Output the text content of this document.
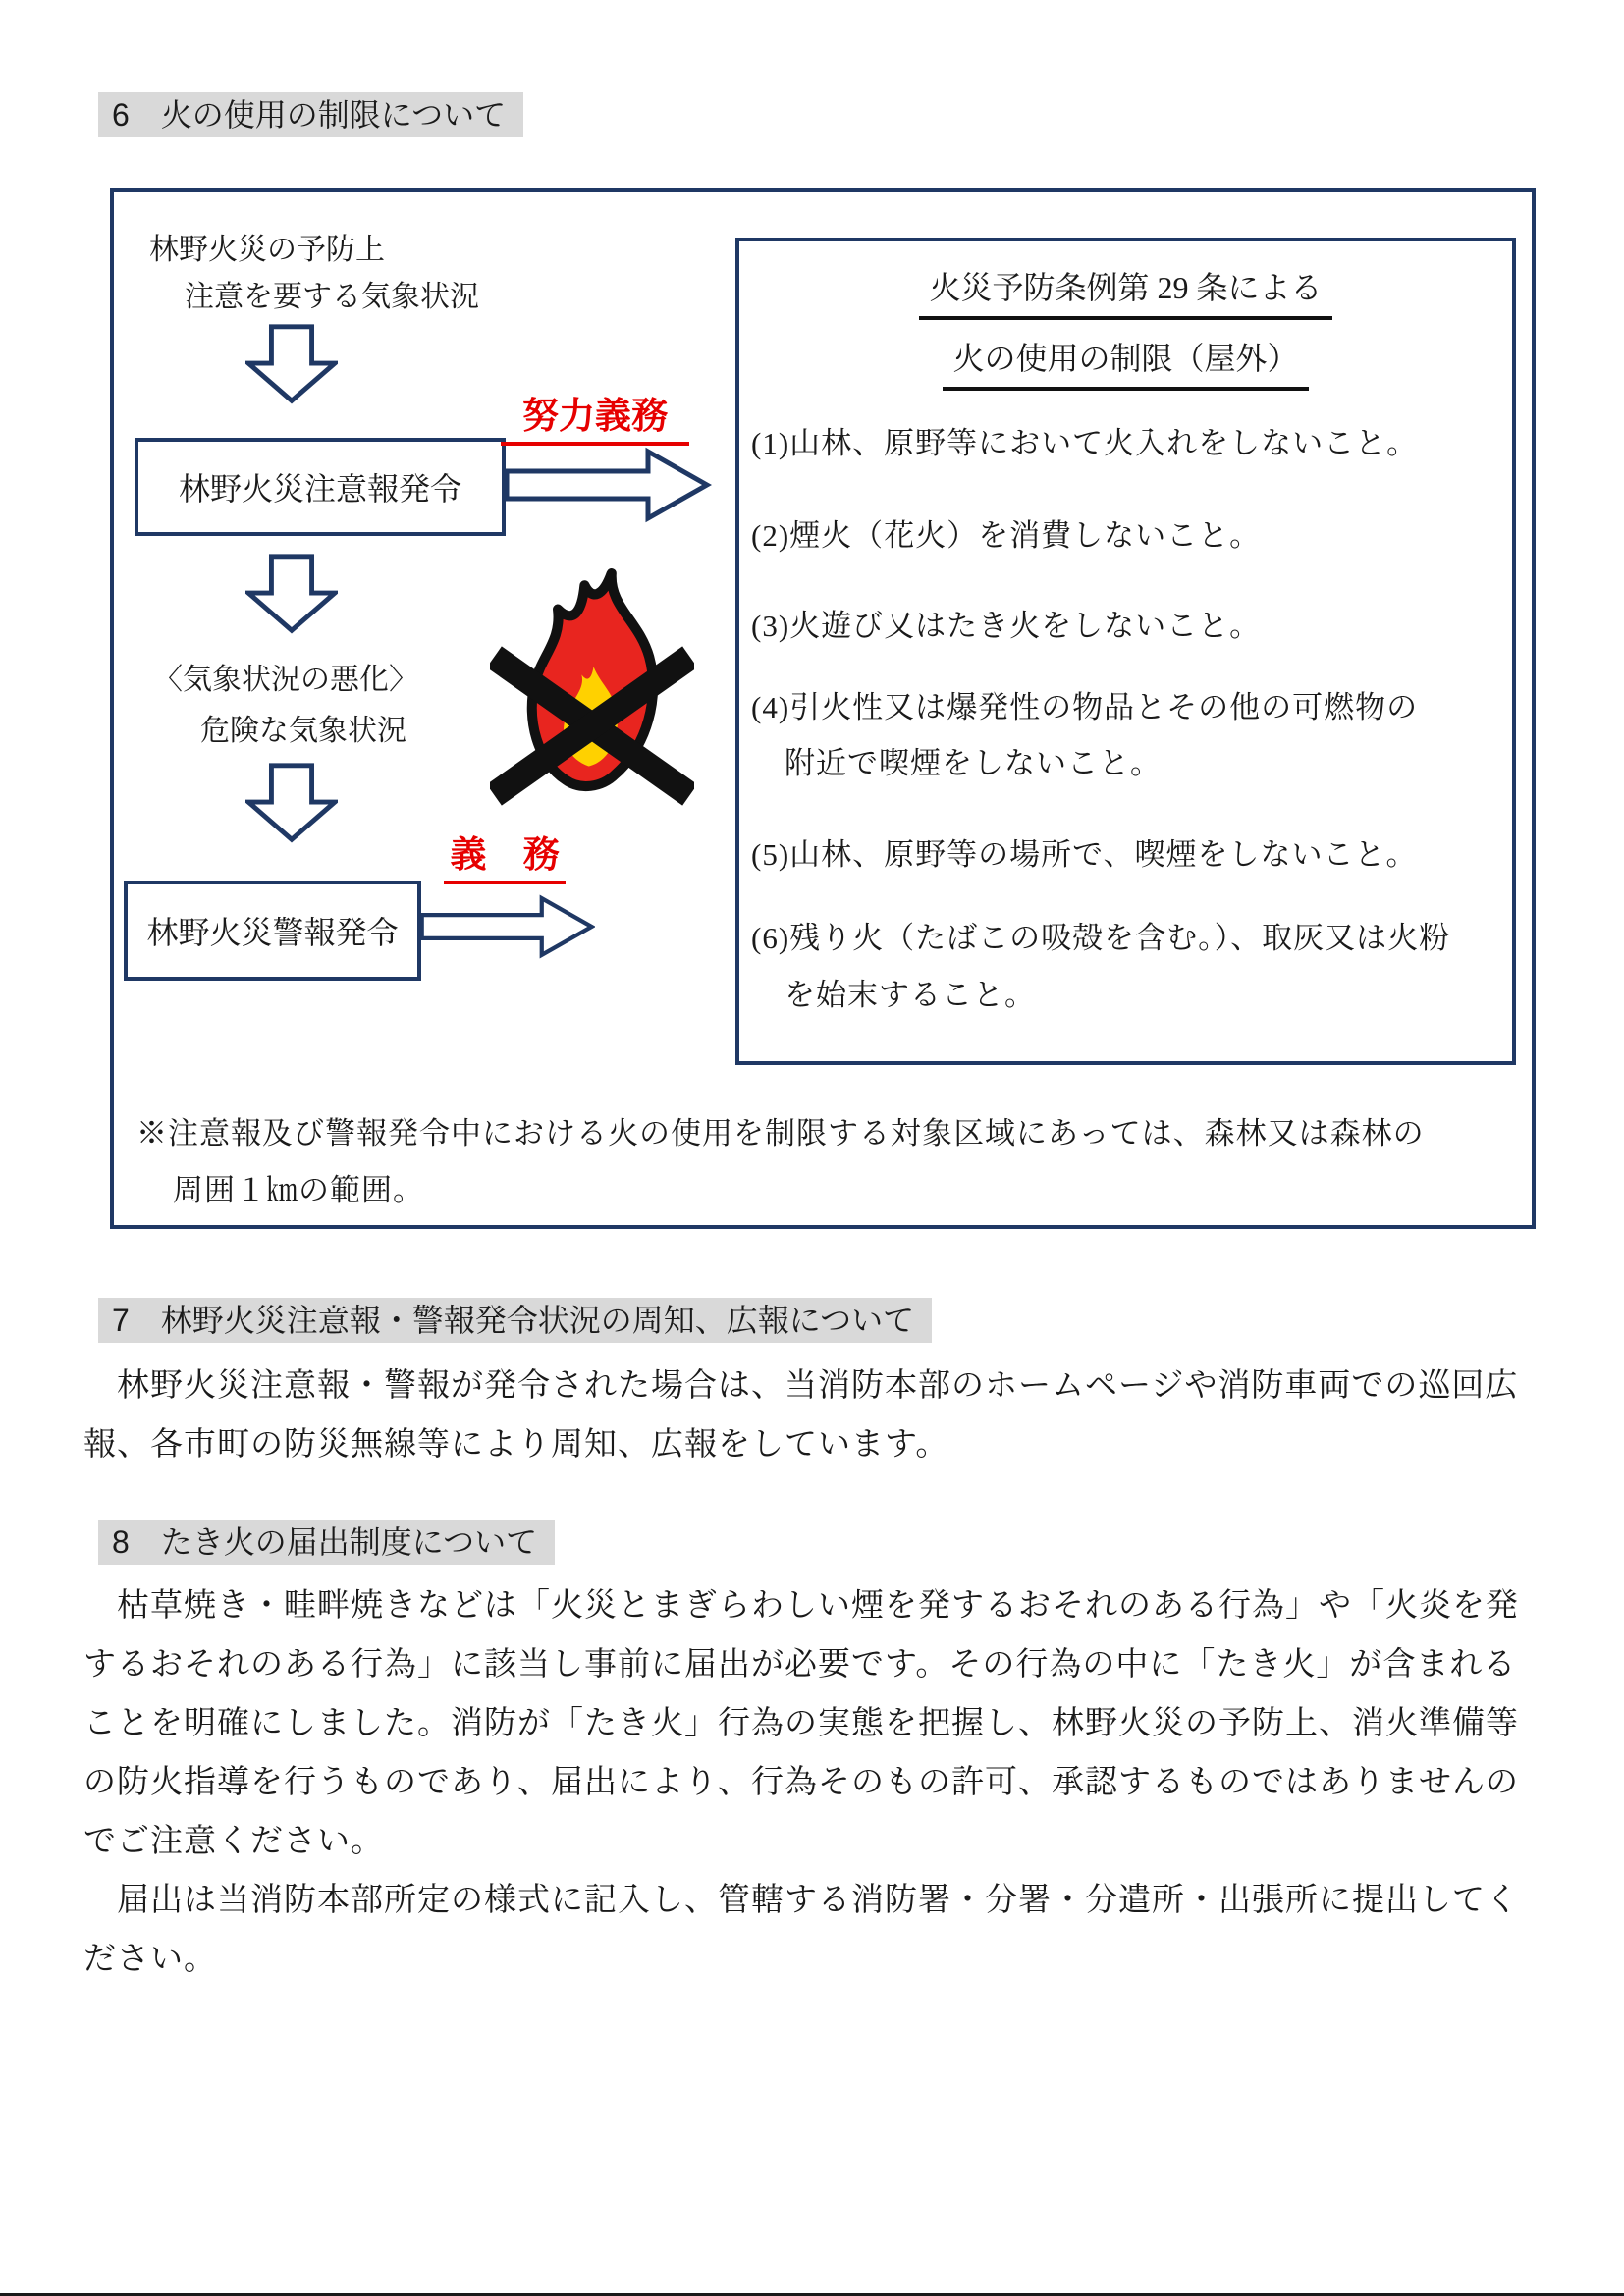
6　火の使用の制限について
林野火災の予防上
注意を要する気象状況
林野火災注意報発令
努力義務
〈気象状況の悪化〉
危険な気象状況
林野火災警報発令
義　務
火災予防条例第 29 条による
火の使用の制限（屋外）
(1)山林、原野等において火入れをしないこと。
(2)煙火（花火）を消費しないこと。
(3)火遊び又はたき火をしないこと。
(4)引火性又は爆発性の物品とその他の可燃物の
附近で喫煙をしないこと。
(5)山林、原野等の場所で、喫煙をしないこと。
(6)残り火（たばこの吸殻を含む。）、取灰又は火粉
を始末すること。
※注意報及び警報発令中における火の使用を制限する対象区域にあっては、森林又は森林の
周囲１㎞の範囲。
7　林野火災注意報・警報発令状況の周知、広報について
　林野火災注意報・警報が発令された場合は、当消防本部のホームページや消防車両での巡回広
報、各市町の防災無線等により周知、広報をしています。
8　たき火の届出制度について
　枯草焼き・畦畔焼きなどは「火災とまぎらわしい煙を発するおそれのある行為」や「火炎を発
するおそれのある行為」に該当し事前に届出が必要です。その行為の中に「たき火」が含まれる
ことを明確にしました。消防が「たき火」行為の実態を把握し、林野火災の予防上、消火準備等
の防火指導を行うものであり、届出により、行為そのもの許可、承認するものではありませんの
でご注意ください。
　届出は当消防本部所定の様式に記入し、管轄する消防署・分署・分遣所・出張所に提出してく
ださい。
